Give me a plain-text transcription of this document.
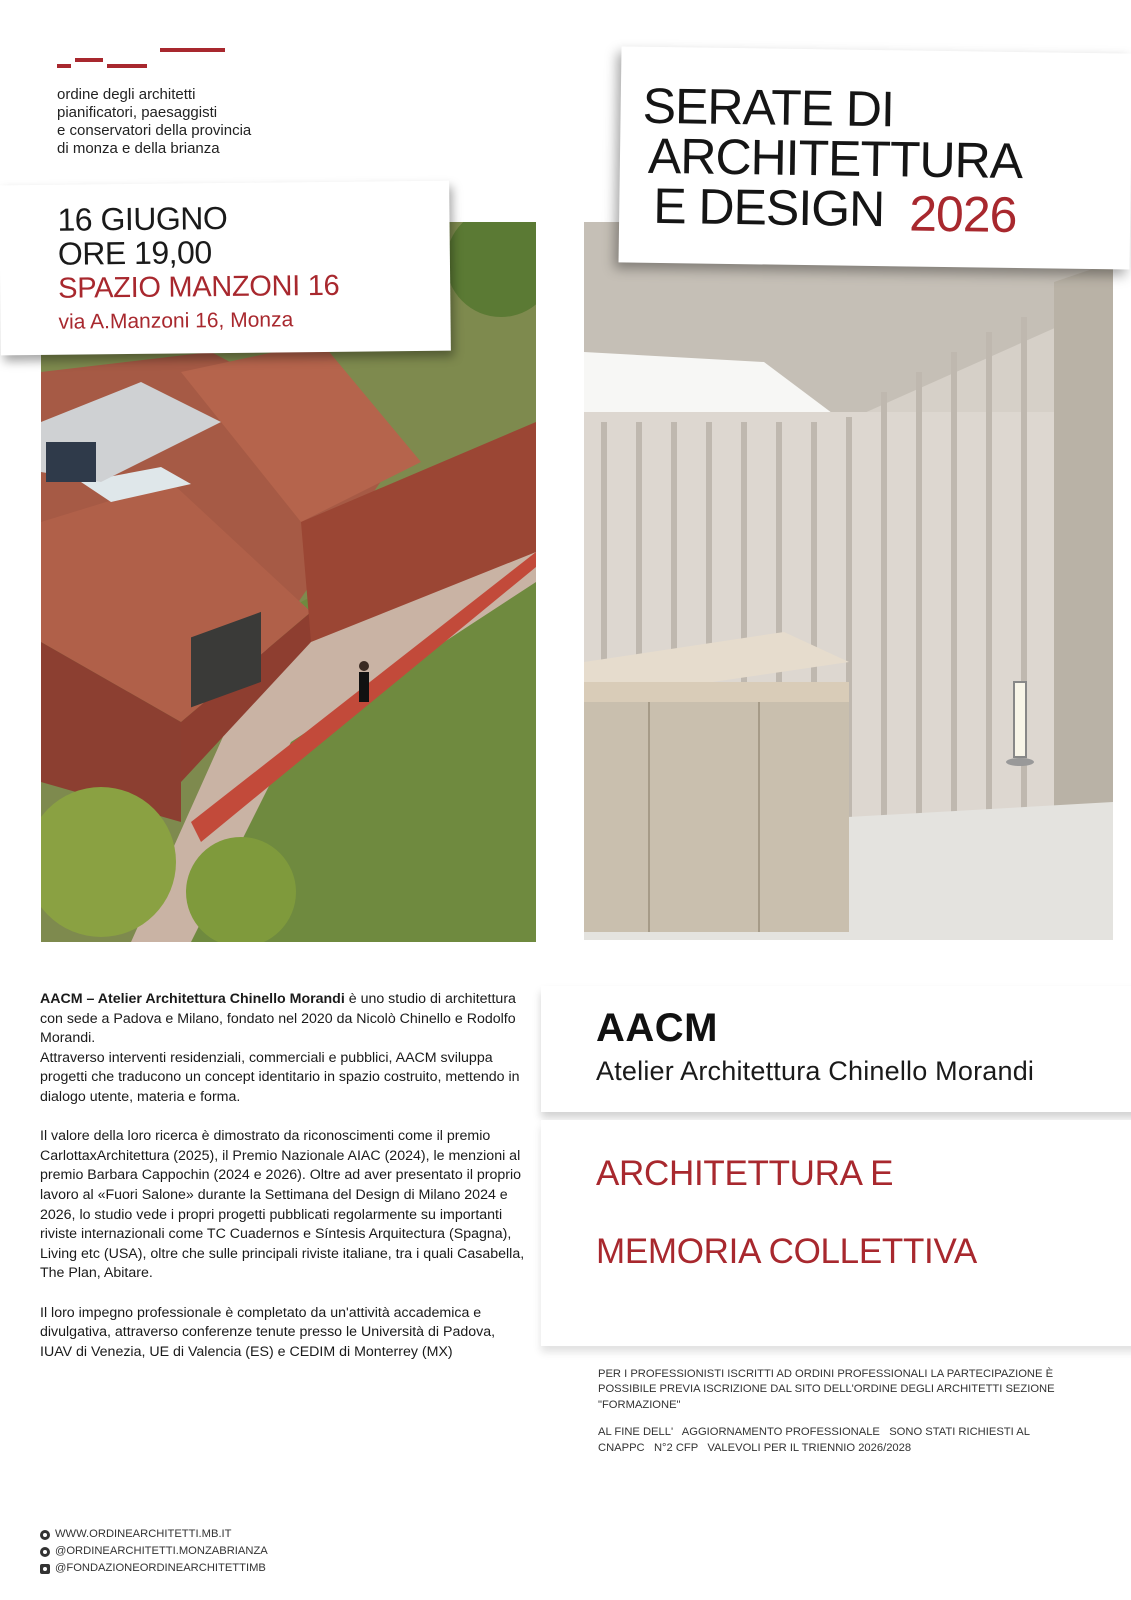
ordine degli architetti
pianificatori, paesaggisti
e conservatori della provincia
di monza e della brianza
16 GIUGNO
ORE 19,00
SPAZIO MANZONI 16
via A.Manzoni 16, Monza
SERATE DI
ARCHITETTURA
E DESIGN 2026

AACM – Atelier Architettura Chinello Morandi è uno studio di architettura con sede a Padova e Milano, fondato nel 2020 da Nicolò Chinello e Rodolfo Morandi.
Attraverso interventi residenziali, commerciali e pubblici, AACM sviluppa progetti che traducono un concept identitario in spazio costruito, mettendo in dialogo utente, materia e forma.

Il valore della loro ricerca è dimostrato da riconoscimenti come il premio CarlottaxArchitettura (2025), il Premio Nazionale AIAC (2024), le menzioni al premio Barbara Cappochin (2024 e 2026). Oltre ad aver presentato il proprio lavoro al «Fuori Salone» durante la Settimana del Design di Milano 2024 e 2026, lo studio vede i propri progetti pubblicati regolarmente su importanti riviste internazionali come TC Cuadernos e Síntesis Arquitectura (Spagna), Living etc (USA), oltre che sulle principali riviste italiane, tra i quali Casabella, The Plan, Abitare.

Il loro impegno professionale è completato da un'attività accademica e divulgativa, attraverso conferenze tenute presso le Università di Padova, IUAV di Venezia, UE di Valencia (ES) e CEDIM di Monterrey (MX)

AACM
Atelier Architettura Chinello Morandi
ARCHITETTURA E
MEMORIA COLLETTIVA

PER I PROFESSIONISTI ISCRITTI AD ORDINI PROFESSIONALI LA PARTECIPAZIONE È POSSIBILE PREVIA ISCRIZIONE DAL SITO DELL'ORDINE DEGLI ARCHITETTI SEZIONE "FORMAZIONE"

AL FINE DELL'   AGGIORNAMENTO PROFESSIONALE   SONO STATI RICHIESTI AL CNAPPC   N°2 CFP   VALEVOLI PER IL TRIENNIO 2026/2028

WWW.ORDINEARCHITETTI.MB.IT
@ORDINEARCHITETTI.MONZABRIANZA
@FONDAZIONEORDINEARCHITETTIMB
